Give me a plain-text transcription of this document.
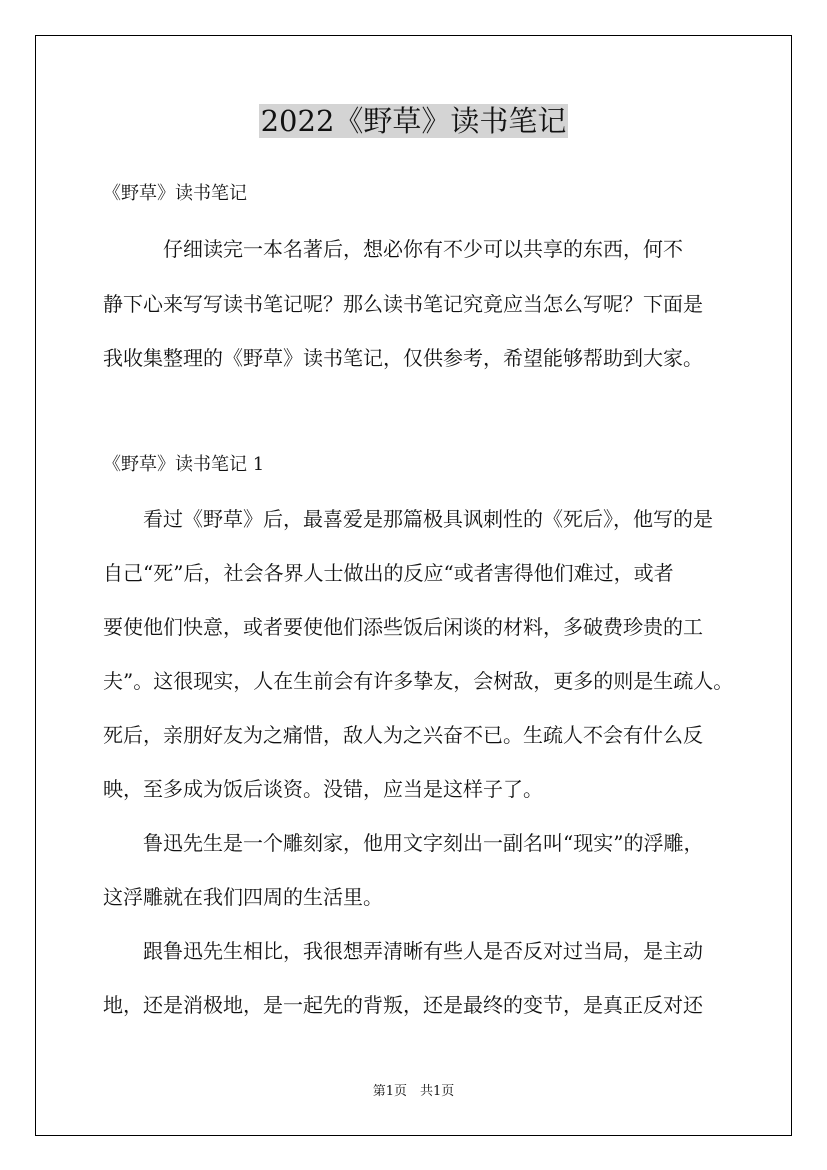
2022《野草》读书笔记
《野草》读书笔记
　　　仔细读完一本名著后，想必你有不少可以共享的东西，何不
静下心来写写读书笔记呢？那么读书笔记究竟应当怎么写呢？下面是
我收集整理的《野草》读书笔记，仅供参考，希望能够帮助到大家。
《野草》读书笔记 1
　　看过《野草》后，最喜爱是那篇极具讽刺性的《死后》，他写的是
自己“死”后，社会各界人士做出的反应“或者害得他们难过，或者
要使他们快意，或者要使他们添些饭后闲谈的材料，多破费珍贵的工
夫”。这很现实，人在生前会有许多挚友，会树敌，更多的则是生疏人。
死后，亲朋好友为之痛惜，敌人为之兴奋不已。生疏人不会有什么反
映，至多成为饭后谈资。没错，应当是这样子了。
　　鲁迅先生是一个雕刻家，他用文字刻出一副名叫“现实”的浮雕，
这浮雕就在我们四周的生活里。
　　跟鲁迅先生相比，我很想弄清晰有些人是否反对过当局，是主动
地，还是消极地，是一起先的背叛，还是最终的变节，是真正反对还
第1页　共1页
